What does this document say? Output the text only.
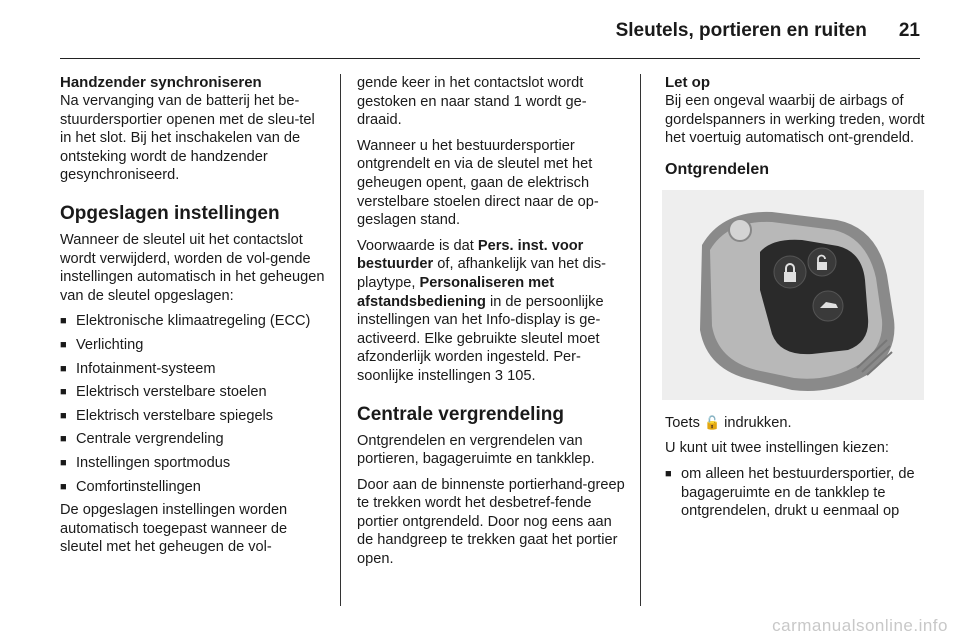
Sleutels, portieren en ruiten 21
Handzender synchroniseren

Na vervanging van de batterij het be-stuurdersportier openen met de sleu-tel in het slot. Bij het inschakelen van de ontsteking wordt de handzender gesynchroniseerd.

Opgeslagen instellingen

Wanneer de sleutel uit het contactslot wordt verwijderd, worden de vol-gende instellingen automatisch in het geheugen van de sleutel opgeslagen:

■ Elektronische klimaatregeling (ECC)
■ Verlichting
■ Infotainment-systeem
■ Elektrisch verstelbare stoelen
■ Elektrisch verstelbare spiegels
■ Centrale vergrendeling
■ Instellingen sportmodus
■ Comfortinstellingen

De opgeslagen instellingen worden automatisch toegepast wanneer de sleutel met het geheugen de vol-

gende keer in het contactslot wordt gestoken en naar stand 1 wordt ge-draaid.

Wanneer u het bestuurdersportier ontgrendelt en via de sleutel met het geheugen opent, gaan de elektrisch verstelbare stoelen direct naar de op-geslagen stand.

Voorwaarde is dat Pers. inst. voor bestuurder of, afhankelijk van het dis-playtype, Personaliseren met afstandsbediening in de persoonlijke instellingen van het Info-display is ge-activeerd. Elke gebruikte sleutel moet afzonderlijk worden ingesteld. Per-soonlijke instellingen 3 105.

Centrale vergrendeling

Ontgrendelen en vergrendelen van portieren, bagageruimte en tankklep.

Door aan de binnenste portierhand-greep te trekken wordt het desbetref-fende portier ontgrendeld. Door nog eens aan de handgreep te trekken gaat het portier open.

Let op

Bij een ongeval waarbij de airbags of gordelspanners in werking treden, wordt het voertuig automatisch ont-grendeld.

Ontgrendelen

Toets 🔓 indrukken.

U kunt uit twee instellingen kiezen:

■ om alleen het bestuurdersportier, de bagageruimte en de tankklep te ontgrendelen, drukt u eenmaal op
carmanualsonline.info
